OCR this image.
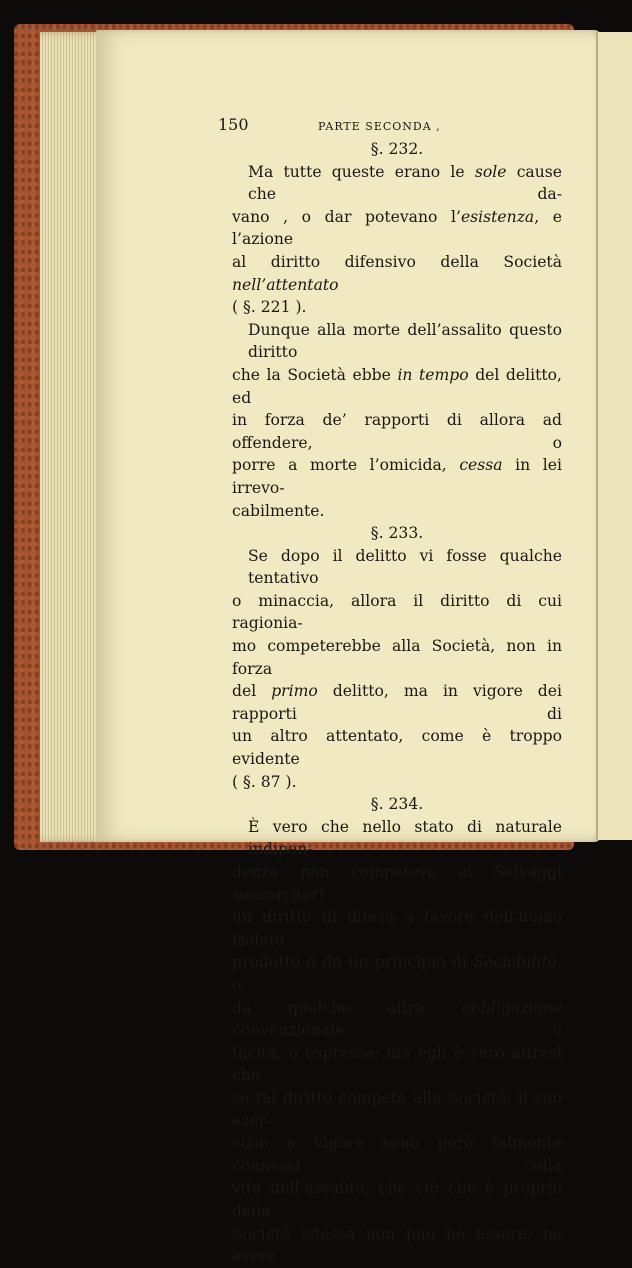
150	PARTE SECONDA ,
§. 232.
Ma tutte queste erano le sole cause che da-
vano , o dar potevano l’esistenza, e l’azione
al diritto difensivo della Società nell’attentato
( §. 221 ).
Dunque alla morte dell’assalito questo diritto
che la Società ebbe in tempo del delitto, ed
in forza de’ rapporti di allora ad offendere, o
porre a morte l’omicida, cessa in lei irrevo-
cabilmente.
§. 233.
Se dopo il delitto vi fosse qualche tentativo
o minaccia, allora il diritto di cui ragionia-
mo competerebbe alla Società, non in forza
del primo delitto, ma in vigore dei rapporti di
un altro attentato, come è troppo evidente
( §. 87 ).
§. 234.
È vero che nello stato di naturale indipen-
denza non competeva ai Selvaggi soccorritori
un diritto di difesa a favore dell’uomo isolato
prodotto o da un principio di Sociabilità, o
da qualche altra obbligazione convenzionale o
tacita, o espressa; ma egli è vero altresì che
se tal diritto compete alla Società, il suo eser-
cizio e vigore sono però talmente connessi colla
vita dell’assalito, che ciò che è proprio della
Società istessa non può nè essere, nè avere
